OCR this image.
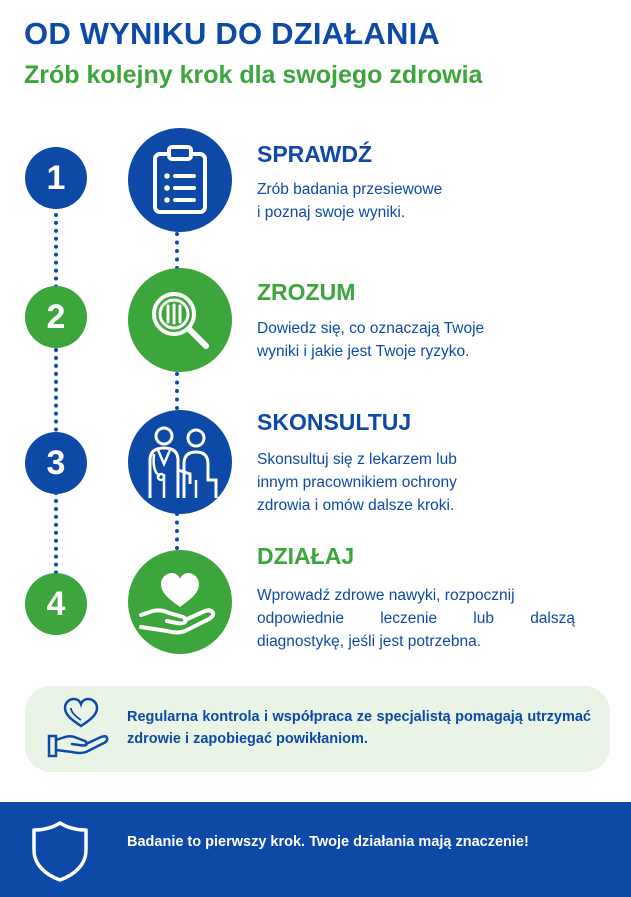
OD WYNIKU DO DZIAŁANIA
Zrób kolejny krok dla swojego zdrowia
1
SPRAWDŹ
Zrób badania przesiewowe
i poznaj swoje wyniki.
2
ZROZUM
Dowiedz się, co oznaczają Twoje
wyniki i jakie jest Twoje ryzyko.
3
SKONSULTUJ
Skonsultuj się z lekarzem lub
innym pracownikiem ochrony
zdrowia i omów dalsze kroki.
4
DZIAŁAJ
Wprowadź zdrowe nawyki, rozpocznij
odpowiednie leczenie lub dalszą
diagnostykę, jeśli jest potrzebna.
Regularna kontrola i współpraca ze specjalistą pomagają utrzymać zdrowie i zapobiegać powikłaniom.
Badanie to pierwszy krok. Twoje działania mają znaczenie!
